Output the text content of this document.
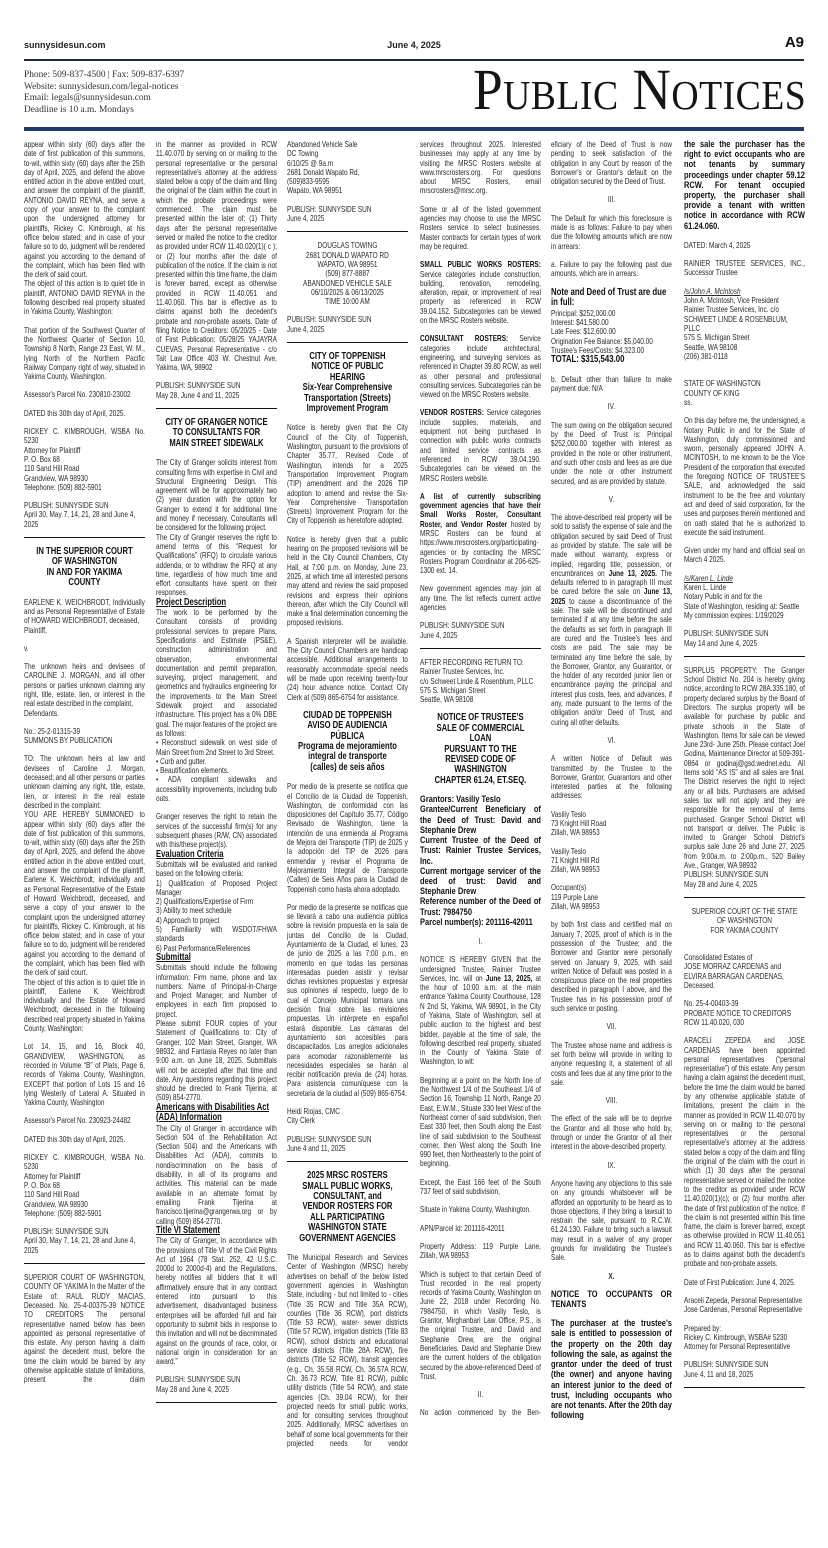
sunnysidesun.com	June 4, 2025	A9
Phone: 509-837-4500 | Fax: 509-837-6397
Website: sunnysidesun.com/legal-notices
Email: legals@sunnysidesun.com
Deadline is 10 a.m. Mondays	Public Notices
appear within sixty (60) days after the date of first publication of this summons, to-wit, within sixty (60) days after the 25th day of April, 2025, and defend the above entitled action in the above entitled court, and answer the complaint of the plaintiff, ANTONIO DAVID REYNA, and serve a copy of your answer to the complaint upon the undersigned attorney for plaintiffs, Rickey C. Kimbrough, at his office below stated; and in case of your failure so to do, judgment will be rendered against you according to the demand of the complaint, which has been filed with the clerk of said court.
The object of this action is to quiet title in plaintiff, ANTONIO DAVID REYNA in the following described real property situated in Yakima County, Washington:
That portion of the Southwest Quarter of the Northwest Quarter of Section 10, Township 8 North, Range 23 East, W. M., lying North of the Northern Pacific Railway Company right of way, situated in Yakima County, Washington.
Assessor's Parcel No. 230810-23002
DATED this 30th day of April, 2025.
RICKEY C. KIMBROUGH, WSBA No. 5230
Attorney for Plaintiff
P. O. Box 68
110 Sand Hill Road
Grandview, WA 98930
Telephone: (509) 882-5901
PUBLISH: SUNNYSIDE SUN
April 30, May 7, 14, 21, 28 and June 4, 2025
IN THE SUPERIOR COURT
OF WASHINGTON
IN AND FOR YAKIMA
COUNTY
EARLENE K. WEICHBRODT, Individually and as Personal Representative of Estate of HOWARD WEICHBRODT, deceased,
Plaintiff,
v.
The unknown heirs and devisees of CAROLINE J. MORGAN, and all other persons or parties unknown claiming any right, title, estate, lien, or interest in the real estate described in the complaint,
Defendants.
No.: 25-2-01315-39
SUMMONS BY PUBLICATION
TO: The unknown heirs at law and devisees of Caroline J. Morgan, deceased; and all other persons or parties unknown claiming any right, title, estate, lien, or interest in the real estate described in the complaint:
YOU ARE HEREBY SUMMONED to appear within sixty (60) days after the date of first publication of this summons, to-wit, within sixty (60) days after the 25th day of April, 2025, and defend the above entitled action in the above entitled court, and answer the complaint of the plaintiff, Earlene K. Weichbrodt, individually and as Personal Representative of the Estate of Howard Weichbrodt, deceased, and serve a copy of your answer to the complaint upon the undersigned attorney for plaintiffs, Rickey C. Kimbrough, at his office below stated; and in case of your failure so to do, judgment will be rendered against you according to the demand of the complaint, which has been filed with the clerk of said court.
The object of this action is to quiet title in plaintiff, Earlene K. Weichbrodt individually and the Estate of Howard Weichbrodt, deceased in the following described real property situated in Yakima County, Washington:
Lot 14, 15, and 16, Block 40, GRANDVIEW, WASHINGTON, as recorded in Volume “B” of Plats, Page 6, records of Yakima County, Washington, EXCEPT that portion of Lots 15 and 16 lying Westerly of Lateral A. Situated in Yakima County, Washington
Assessor's Parcel No. 230923-24482
DATED this 30th day of April, 2025.
RICKEY C. KIMBROUGH, WSBA No. 5230
Attorney for Plaintiff
P. O. Box 68
110 Sand Hill Road
Grandview, WA 98930
Telephone: (509) 882-5901
PUBLISH: SUNNYSIDE SUN
April 30, May 7, 14, 21, 28 and June 4, 2025
SUPERIOR COURT OF WASHINGTON, COUNTY OF YAKIMA In the Matter of the Estate of: RAUL RUDY MACIAS, Deceased. No. 25-4-00375-39 NOTICE TO CREDITORS The personal representative named below has been appointed as personal representative of this estate. Any person having a claim against the decedent must, before the time the claim would be barred by any otherwise applicable statute of limitations, present the claim
in the manner as provided in RCW 11.40.070 by serving on or mailing to the personal representative or the personal representative's attorney at the address stated below a copy of the claim and filing the original of the claim within the court in which the probate proceedings were commenced. The claim must be presented within the later of: (1) Thirty days after the personal representative served or mailed the notice to the creditor as provided under RCW 11.40.020(1)( c ); or (2) four months after the date of publication of the notice. If the claim is not presented within this time frame, the claim is forever barred, except as otherwise provided in RCW 11.40.051 and 11.40.060. This bar is effective as to claims against both the decedent's probate and non-probate assets. Date of filing Notice to Creditors: 05/20/25 - Date of First Publication: 05/28/25 YAJAYRA CUEVAS, Personal Representative - c/o Tait Law Office 403 W. Chestnut Ave, Yakima, WA, 98902
PUBLISH: SUNNYSIDE SUN
May 28, June 4 and 11, 2025
CITY OF GRANGER NOTICE
TO CONSULTANTS FOR
MAIN STREET SIDEWALK
The City of Granger solicits interest from consulting firms with expertise in Civil and Structural Engineering Design. This agreement will be for approximately two (2) year duration with the option for Granger to extend it for additional time and money if necessary. Consultants will be considered for the following project.
The City of Granger reserves the right to amend terms of this “Request for Qualifications” (RFQ) to circulate various addenda, or to withdraw the RFQ at any time, regardless of how much time and effort consultants have spent on their responses.
Project Description
The work to be performed by the Consultant consists of providing professional services to prepare Plans, Specifications and Estimate (PS&E), construction administration and observation, environmental documentation and permit preparation, surveying, project management, and geometrics and hydraulics engineering for the improvements to the Main Street Sidewalk project and associated infrastructure. This project has a 0% DBE goal. The major features of the project are as follows:
• Reconstruct sidewalk on west side of Main Street from 2nd Street to 3rd Street.
• Curb and gutter.
• Beautification elements.
• ADA compliant sidewalks and accessibility improvements, including bulb outs.
Granger reserves the right to retain the services of the successful firm(s) for any subsequent phases (R/W, CN) associated with this/these project(s).
Evaluation Criteria
Submittals will be evaluated and ranked based on the following criteria:
1) Qualification of Proposed Project Manager
2) Qualifications/Expertise of Firm
3) Ability to meet schedule
4) Approach to project
5) Familiarity with WSDOT/FHWA standards
6) Past Performance/References
Submittal
Submittals should include the following information: Firm name, phone and tax numbers; Name of Principal-in-Charge and Project Manager; and Number of employees in each firm proposed to project.
Please submit FOUR copies of your Statement of Qualifications to: City of Granger, 102 Main Street, Granger, WA 98932, and Fantasia Reyes no later than 9:00 a.m. on June 18, 2025. Submittals will not be accepted after that time and date. Any questions regarding this project should be directed to Frank Tijerina, at (509) 854-2770.
Americans with Disabilities Act (ADA) Information
The City of Granger in accordance with Section 504 of the Rehabilitation Act (Section 504) and the Americans with Disabilities Act (ADA), commits to nondiscrimination on the basis of disability, in all of its programs and activities. This material can be made available in an alternate format by emailing Frank Tijerina at francisco.tijerina@grangerwa.org or by calling (509) 854-2770.
Title VI Statement
The City of Granger, in accordance with the provisions of Title VI of the Civil Rights Act of 1964 (78 Stat. 252, 42 U.S.C. 2000d to 2000d-4) and the Regulations, hereby notifies all bidders that it will affirmatively ensure that in any contract entered into pursuant to this advertisement, disadvantaged business enterprises will be afforded full and fair opportunity to submit bids in response to this invitation and will not be discriminated against on the grounds of race, color, or national origin in consideration for an award.”
PUBLISH: SUNNYSIDE SUN
May 28 and June 4, 2025
Abandoned Vehicle Sale
DC Towing
6/10/25 @ 9a.m
2681 Donald Wapato Rd,
(509)833-9595
Wapato, WA 98951
PUBLISH: SUNNYSIDE SUN
June 4, 2025
DOUGLAS TOWING
2681 DONALD WAPATO RD
WAPATO, WA 98951
(509) 877-8887
ABANDONED VEHICLE SALE
06/10/2025 & 06/13/2025
TIME 10:00 AM
PUBLISH: SUNNYSIDE SUN
June 4, 2025
CITY OF TOPPENISH
NOTICE OF PUBLIC
HEARING
Six-Year Comprehensive
Transportation (Streets)
Improvement Program
Notice is hereby given that the City Council of the City of Toppenish, Washington, pursuant to the provisions of Chapter 35.77, Revised Code of Washington, intends for a 2025 Transportation Improvement Program (TIP) amendment and the 2026 TIP adoption to amend and revise the Six-Year Comprehensive Transportation (Streets) Improvement Program for the City of Toppenish as heretofore adopted.
Notice is hereby given that a public hearing on the proposed revisions will be held in the City Council Chambers, City Hall, at 7:00 p.m. on Monday, June 23, 2025, at which time all interested persons may attend and review the said proposed revisions and express their opinions thereon, after which the City Council will make a final determination concerning the proposed revisions.
A Spanish interpreter will be available. The City Council Chambers are handicap accessible. Additional arrangements to reasonably accommodate special needs will be made upon receiving twenty-four (24) hour advance notice. Contact City Clerk at (509) 865-6754 for assistance.
CIUDAD DE TOPPENISH
AVISO DE AUDIENCIA
PÚBLICA
Programa de mejoramiento
integral de transporte
(calles) de seis años
Por medio de la presente se notifica que el Concilio de la Ciudad de Toppenish, Washington, de conformidad con las disposiciones del Capítulo 35.77, Código Revisado de Washington, tiene la intención de una enmienda al Programa de Mejora del Transporte (TIP) de 2025 y la adopción del TIP de 2026 para enmendar y revisar el Programa de Mejoramiento Integral de Transporte (Calles) de Seis Años para la Ciudad de Toppenish como hasta ahora adoptado.
Por medio de la presente se notificas que se llevará a cabo una audiencia pública sobre la revisión propuesta en la sala de juntas del Concilio de la Ciudad, Ayuntamiento de la Ciudad, el lunes, 23 de junio de 2025 a las 7:00 p.m., en momento en que todas las personas interesadas pueden asistir y revisar dichas revisiones propuestas y expresar sus opiniones al respecto, luego de lo cual el Concejo Municipal tomara una decisión final sobre las revisiones propuestas. Un intérprete en español estará disponible. Las cámaras del ayuntamiento son accesibles para discapacitados. Los arreglos adicionales para acomodar razonablemente las necesidades especiales se harán al recibir notificación previa de (24) horas. Para asistencia comuníquese con la secretaria de la ciudad al (509) 865-6754.
Heidi Riojas, CMC
City Clerk
PUBLISH: SUNNYSIDE SUN
June 4 and 11, 2025
2025 MRSC ROSTERS
SMALL PUBLIC WORKS,
CONSULTANT, and
VENDOR ROSTERS FOR
ALL PARTICIPATING
WASHINGTON STATE
GOVERNMENT AGENCIES
The Municipal Research and Services Center of Washington (MRSC) hereby advertises on behalf of the below listed government agencies in Washington State, including - but not limited to - cities (Title 35 RCW and Title 35A RCW), counties (Title 36 RCW), port districts (Title 53 RCW), water- sewer districts (Title 57 RCW), irrigation districts (Title 83 RCW), school districts and educational service districts (Title 28A RCW), fire districts (Title 52 RCW), transit agencies (e.g., Ch. 35.58 RCW, Ch. 36.57A RCW, Ch. 36.73 RCW, Title 81 RCW), public utility districts (Title 54 RCW), and state agencies (Ch. 39.04 RCW), for their projected needs for small public works, and for consulting services throughout 2025. Additionally, MRSC advertises on behalf of some local governments for their projected needs for vendor
services throughout 2025. Interested businesses may apply at any time by visiting the MRSC Rosters website at www.mrscrosters.org. For questions about MRSC Rosters, email mrscrosters@mrsc.org.
Some or all of the listed government agencies may choose to use the MRSC Rosters service to select businesses. Master contracts for certain types of work may be required.
SMALL PUBLIC WORKS ROSTERS: Service categories include construction, building, renovation, remodeling, alteration, repair, or improvement of real property as referenced in RCW 39.04.152. Subcategories can be viewed on the MRSC Rosters website.
CONSULTANT ROSTERS: Service categories include architectural, engineering, and surveying services as referenced in Chapter 39.80 RCW, as well as other personal and professional consulting services. Subcategories can be viewed on the MRSC Rosters website.
VENDOR ROSTERS: Service categories include supplies, materials, and equipment not being purchased in connection with public works contracts and limited service contracts as referenced in RCW 39.04.190. Subcategories can be viewed on the MRSC Rosters website.
A list of currently subscribing government agencies that have their Small Works Roster, Consultant Roster, and Vendor Roster hosted by MRSC Rosters can be found at https://www.mrscrosters.org/participating-agencies or by contacting the MRSC Rosters Program Coordinator at 206-625-1300 ext. 14.
New government agencies may join at any time. The list reflects current active agencies
PUBLISH: SUNNYSIDE SUN
June 4, 2025
AFTER RECORDING RETURN TO:
Rainier Trustee Services, Inc.
c/o Schweet Linde & Rosenblum, PLLC
575 S. Michigan Street
Seattle, WA 98108
NOTICE OF TRUSTEE'S
SALE OF COMMERCIAL
LOAN
PURSUANT TO THE
REVISED CODE OF
WASHINGTON
CHAPTER 61.24, ET.SEQ.
Grantors: Vasiliy Teslo
Grantee/Current Beneficiary of the Deed of Trust: David and Stephanie Drew
Current Trustee of the Deed of Trust: Rainier Trustee Services, Inc.
Current mortgage servicer of the deed of trust: David and Stephanie Drew
Reference number of the Deed of Trust: 7984750
Parcel number(s): 201116-42011
I.
NOTICE IS HEREBY GIVEN that the undersigned Trustee, Rainier Trustee Services, Inc. will on June 13, 2025, at the hour of 10:00 a.m. at the main entrance Yakima County Courthouse, 128 N 2nd St, Yakima, WA 98901, in the City of Yakima, State of Washington, sell at public auction to the highest and best bidder, payable at the time of sale, the following described real property, situated in the County of Yakima State of Washington, to wit:
Beginning at a point on the North line of the Northwest 1/4 of the Southeast 1/4 of Section 16, Township 11 North, Range 20 East, E.W.M., Situate 330 feet West of the Northeast corner of said subdivision, then East 330 feet, then South along the East line of said subdivision to the Southeast corner, then West along the South line 990 feet, then Northeasterly to the point of beginning.
Except, the East 166 feet of the South 737 feet of said subdivision,
Situate in Yakima County, Washington.
APN/Parcel Id: 201116-42011
Property Address: 119 Purple Lane, Zillah, WA 98953
Which is subject to that certain Deed of Trust recorded in the real property records of Yakima County, Washington on June 22, 2018 under Recording No. 7984750, in which Vasiliy Teslo, is Grantor, Mirghanbari Law Office, P.S., is the original Trustee, and David and Stephanie Drew, are the original Beneficiaries. David and Stephanie Drew are the current holders of the obligation secured by the above-referenced Deed of Trust.
II.
No action commenced by the Ben-
eficiary of the Deed of Trust is now pending to seek satisfaction of the obligation in any Court by reason of the Borrower's or Grantor's default on the obligation secured by the Deed of Trust.
III.
The Default for which this foreclosure is made is as follows: Failure to pay when due the following amounts which are now in arrears:
a. Failure to pay the following past due amounts, which are in arrears:
Note and Deed of Trust are due in full:
Principal: $252,000.00
Interest: $41,580.00
Late Fees: $12,600.00
Origination Fee Balance: $5,040.00
Trustee's Fees/Costs: $4,323.00
TOTAL: $315,543.00
b. Default other than failure to make payment due: N/A
IV.
The sum owing on the obligation secured by the Deed of Trust is: Principal $252,000.00 together with interest as provided in the note or other instrument, and such other costs and fees as are due under the note or other instrument secured, and as are provided by statute.
V.
The above-described real property will be sold to satisfy the expense of sale and the obligation secured by said Deed of Trust as provided by statute. The sale will be made without warranty, express or implied, regarding title, possession, or encumbrances on June 13, 2025. The defaults referred to in paragraph III must be cured before the sale on June 13, 2025 to cause a discontinuance of the sale. The sale will be discontinued and terminated if at any time before the sale the defaults as set forth in paragraph III are cured and the Trustee's fees and costs are paid. The sale may be terminated any time before the sale, by the Borrower, Grantor, any Guarantor, or the holder of any recorded junior lien or encumbrance paying the principal and interest plus costs, fees, and advances, if any, made pursuant to the terms of the obligation and/or Deed of Trust, and curing all other defaults.
VI.
A written Notice of Default was transmitted by the Trustee to the Borrower, Grantor, Guarantors and other interested parties at the following addresses:
Vasiliy Teslo
73 Knight Hill Road
Zillah, WA 98953
Vasiliy Teslo
71 Knight Hill Rd
Zillah, WA 98953
Occupant(s)
119 Purple Lane
Zillah, WA 98953
by both first class and certified mail on January 7, 2025, proof of which is in the possession of the Trustee; and the Borrower and Grantor were personally served on January 9, 2025, with said written Notice of Default was posted in a conspicuous place on the real properties described in paragraph I above, and the Trustee has in his possession proof of such service or posting.
VII.
The Trustee whose name and address is set forth below will provide in writing to anyone requesting it, a statement of all costs and fees due at any time prior to the sale.
VIII.
The effect of the sale will be to deprive the Grantor and all those who hold by, through or under the Grantor of all their interest in the above-described property.
IX.
Anyone having any objections to this sale on any grounds whatsoever will be afforded an opportunity to be heard as to those objections, if they bring a lawsuit to restrain the sale, pursuant to R.C.W. 61.24.130. Failure to bring such a lawsuit may result in a waiver of any proper grounds for invalidating the Trustee's Sale.
X.
NOTICE TO OCCUPANTS OR TENANTS
The purchaser at the trustee's sale is entitled to possession of the property on the 20th day following the sale, as against the grantor under the deed of trust (the owner) and anyone having an interest junior to the deed of trust, including occupants who are not tenants. After the 20th day following
the sale the purchaser has the right to evict occupants who are not tenants by summary proceedings under chapter 59.12 RCW. For tenant occupied property, the purchaser shall provide a tenant with written notice in accordance with RCW 61.24.060.
DATED: March 4, 2025
RAINIER TRUSTEE SERVICES, INC., Successor Trustee
/s/John A. McIntosh
John A. McIntosh, Vice President
Rainier Trustee Services, Inc. c/o
SCHWEET LINDE & ROSENBLUM, PLLC
575 S. Michigan Street
Seattle, WA 98108
(206) 381-0118

STATE OF WASHINGTON
COUNTY OF KING
ss.
On this day before me, the undersigned, a Notary Public in and for the State of Washington, duly commissioned and sworn, personally appeared JOHN A. MCINTOSH, to me known to be the Vice President of the corporation that executed the foregoing NOTICE OF TRUSTEE'S SALE, and acknowledged the said instrument to be the free and voluntary act and deed of said corporation, for the uses and purposes therein mentioned and on oath stated that he is authorized to execute the said instrument.
Given under my hand and official seal on March 4 2025.
/s/Karen L. Linde
Karen L. Linde
Notary Public in and for the
State of Washington, residing at: Seattle
My commission expires: 1/19/2029
PUBLISH: SUNNYSIDE SUN
May 14 and June 4, 2025
SURPLUS PROPERTY: The Granger School District No. 204 is hereby giving notice, according to RCW 28A.335.180, of property declared surplus by the Board of Directors. The surplus property will be available for purchase by public and private schools in the State of Washington. Items for sale can be viewed June 23rd- June 25th. Please contact Joel Godina, Maintenance Director at 509-391-0864 or godinaj@gsd.wednet.edu. All items sold “AS IS” and all sales are final. The District reserves the right to reject any or all bids. Purchasers are advised sales tax will not apply and they are responsible for the removal of items purchased. Granger School District will not transport or deliver. The Public is invited to Granger School District's surplus sale June 26 and June 27, 2025 from 9:00a.m. to 2:00p.m., 520 Bailey Ave., Granger, WA 98932
PUBLISH: SUNNYSIDE SUN
May 28 and June 4, 2025
SUPERIOR COURT OF THE STATE
OF WASHINGTON
FOR YAKIMA COUNTY

Consolidated Estates of
JOSE MORRAZ CARDENAS and
ELVIRA BARRAGAN CARDENAS,
Deceased.
No. 25-4-00403-39
PROBATE NOTICE TO CREDITORS
RCW 11.40.020, 030
ARACELI ZEPEDA and JOSE CARDENAS have been appointed personal representatives (“personal representative”) of this estate. Any person having a claim against the decedent must, before the time the claim would be barred by any otherwise applicable statute of limitations, present the claim in the manner as provided in RCW 11.40.070 by serving on or mailing to the personal representatives or the personal representative's attorney at the address stated below a copy of the claim and filing the original of the claim with the court in which (1) 30 days after the personal representative served or mailed the notice to the creditor as provided under RCW 11.40.020(1)(c); or (2) four months after the date of first publication of the notice. If the claim is not presented within this time frame, the claim is forever barred, except as otherwise provided in RCW 11.40.051 and RCW 11.40.060. This bar is effective as to claims against both the decadent's probate and non-probate assets.
Date of First Publication: June 4, 2025.
Araceli Zepeda, Personal Representative
Jose Cardenas, Personal Representative
Prepared by:
Rickey C. Kimbrough, WSBA# 5230
Attorney for Personal Representative
PUBLISH: SUNNYSIDE SUN
June 4, 11 and 18, 2025
